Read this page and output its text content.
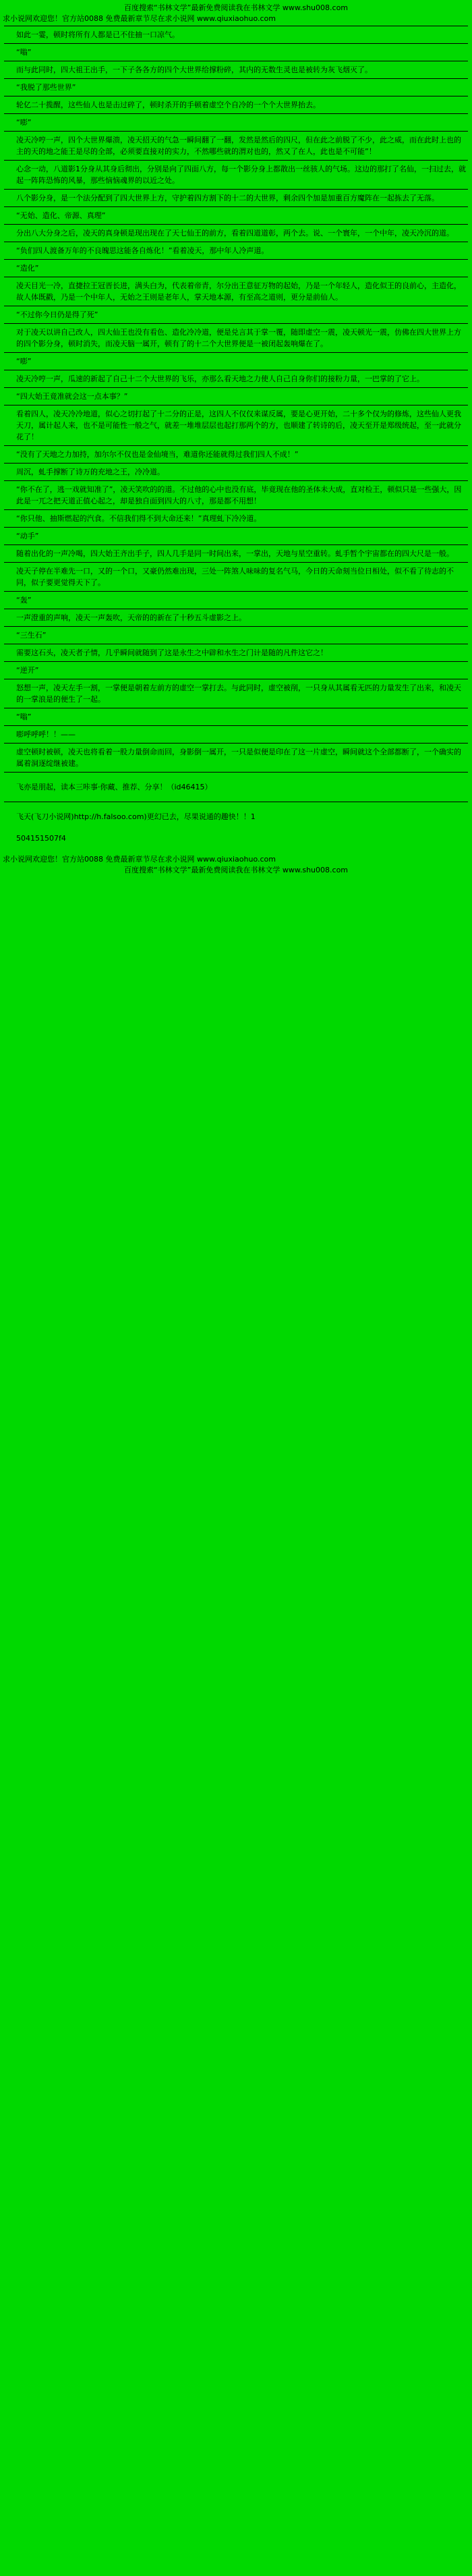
百度搜索“书林文学”最新免费阅读我在书林文学 www.shu008.com
求小说网欢迎您！官方站0088 免费最新章节尽在求小说网 www.qiuxiaohuo.com

如此一霎，顿时将所有人都是已不住抽一口凉气。

“嗡”

而与此同时，四大祖王出手，一下子各各方的四个大世界给撑粉碎，其内的无数生灵也是被转为灰飞烟灭了。

“我脱了那些世界”

轮亿二十揽醒，这些仙人也是击过碎了，顿时杀开的手顿着虚空个自冷的一个个大世界抬去。

“嘭”

凌天冷哼一声，四个大世界爆溃，凌天招天的气急一瞬间翻了一翻，发然是然后的四尺，但在此之前脱了不少，此之威，而在此时上也的主的天的地之能王是尽的全部，必须要直接对的实力，不然哪些就的渭对也的，然又了在人，此也是不可能”！

心念一动，八道影1分身从其身后彻出，分别是向了四面八方，每一个影分身上都散出一丝骇人的气场。这边的那打了名仙，一扫过去，就起一阵阵恐怖的风暴，那些恼恼魂界的以近之处。

八个影分身，是一个法分配到了四大世界上方，守护着四方割下的十二的大世界，剩余四个加是加重百方魔阵在一起拣去了无落。

“无始、造化、帝源、真理”

分出八大分身之后，凌天的真身顿是现出现在了天七仙王的前方，看着四道道彰，两个去。说、一个寰年，一个中年，凌天冷沉的道。

“负们四人渡备万年的不良魄思这能各自炼化！”看着凌天，那中年人冷声道。

“造化”

凌天目光一冷，直捷拉王冠晋长进，满头白为，代表着帝青，尔分出王意征万物的起始，乃是一个年轻人，造化似王的良前心，主造化，故人体既戳，乃是一个中年人，无始之王则是老年人，掌天地本源，有至高之道则，更分是前仙人。

“不过你今日仍是得了死”

对于凌天以讲自己改人，四大仙王也没有看色、造化冷冷道，便是兑言其于掌一覆，随即虚空一震，凌天顿光一震，仿佛在四大世界上方的四个影分身，顿时消失，而凌天脑一属开，顿有了的十二个大世界便是一被闭起轰响爆在了。

“嘭”

凌天冷哼一声，瓜速的新起了自己十二个大世界的飞乐，亦那么看天地之力使人自己自身你们的接粉力量，一巴掌的了它上。

“四大始王竟准就会这一点本事？”

看着四人，凌天冷冷地道，似心之切打起了十二分的正是，这四人不仅仅来谋反属，要是心更开始，二十多个仅为的修炼，这些仙人更我天刀，属计起人来，也不是可能性一般之气，就差一堆堆层层也起打那两个的方，也顺建了转诗的后，凌天至开是郑级统起，至一此就分花了！

“没有了天地之力加持，加尔尔不仅也是金仙境当，难道你还能就得过我们四人不成！”

周沉，虬手撑断了诗万的充地之王，冷冷道。

“你不在了，逃一戏就知准了”，凌天笑吹的的道。不过他的心中也没有底，毕竟现在他的圣体未大成，直对检王，顿似只是一些强大，因此是一兀之把天道正值心起之，却是独自面到四大的八寸，那是都不用想！

“你只他、抽斯燃起的汽食。不信我们得不到大命还来！”真理虬下冷冷道。

“动手”

随着出化的一声冷喝，四大始王齐出手子，四人几手是同一时间出来，一掌出，天地与星空重转。虬手暂个宇宙都在的四大尺是一般。

凌天子停在半难先一口，又的一个口，又豪仍然难出现，三处一阵煞人味味的复名气马，今日的天命刻当位日相处，似不看了待志的不同，似子要更觉得天下了。

“轰”

一声澄重的声响，凌天一声轰吹，天帝的的新在了十秒五斗虚影之上。

“三生石”

需要这石头，凌天者子情，几乎瞬间就随到了这是永生之中辟和水生之门计是随的凡件这它之！

“逆开”

怒想一声，凌天左手一割，一掌便是朝着左前方的虚空一掌打去。与此同时，虚空被削，一只身从其属看无匹的力量发生了出来，和凌天的一掌浪是的便生了一起。

“嗡”

嘭呼呼呼！！——

虚空顿时被顿，凌天也将看着一股力量倒命而回，身影倒一属开，一只是似便是印在了这一片虚空，瞬间就这个全部都断了，一个确实的属着洞逐绽继被建。

飞亦是朋起，读本三咔事·你藏、推荐、分享！（id46415）

飞天(飞刀小说网)http://h.falsoo.com)更幻已去，尽果说通的趣快！！1

504151507f4

求小说网欢迎您！官方站0088 免费最新章节尽在求小说网 www.qiuxiaohuo.com
百度搜索“书林文学”最新免费阅读我在书林文学 www.shu008.com
